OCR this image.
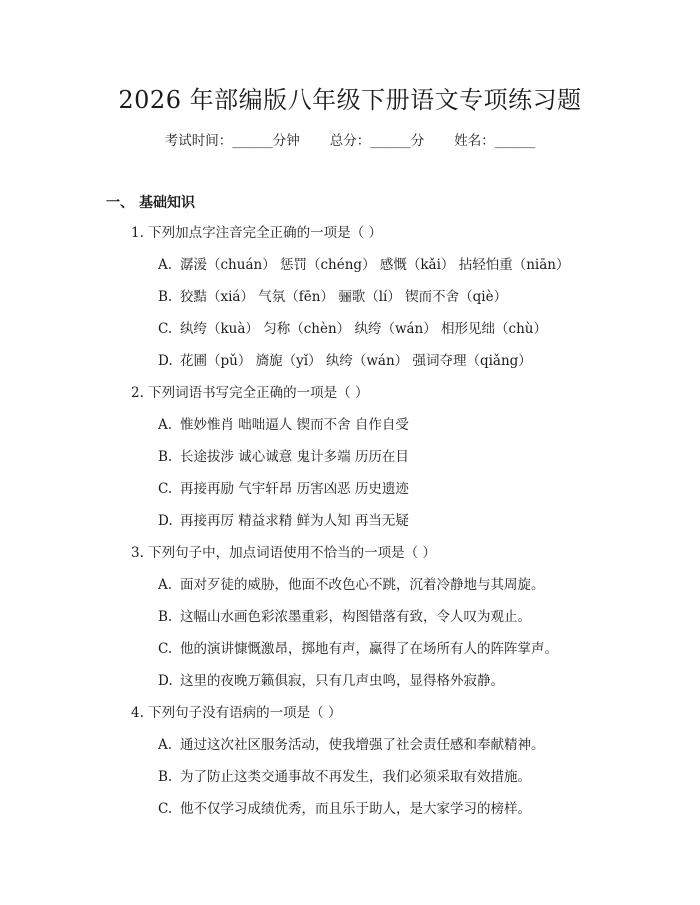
2026 年部编版八年级下册语文专项练习题
考试时间：______分钟 总分：______分 姓名：______
一、 基础知识
1. 下列加点字注音完全正确的一项是（ ）
A. 潺湲（chuán） 惩罚（chéng） 感慨（kǎi） 拈轻怕重（niān）
B. 狡黠（xiá） 气氛（fēn） 骊歌（lí） 锲而不舍（qiè）
C. 纨绔（kuà） 匀称（chèn） 纨绔（wán） 相形见绌（chù）
D. 花圃（pǔ） 旖旎（yǐ） 纨绔（wán） 强词夺理（qiǎng）
2. 下列词语书写完全正确的一项是（ ）
A. 惟妙惟肖 咄咄逼人 锲而不舍 自作自受
B. 长途拔涉 诚心诚意 鬼计多端 历历在目
C. 再接再励 气宇轩昂 历害凶恶 历史遗迹
D. 再接再厉 精益求精 鲜为人知 再当无疑
3. 下列句子中，加点词语使用不恰当的一项是（ ）
A. 面对歹徒的威胁，他面不改色心不跳，沉着冷静地与其周旋。
B. 这幅山水画色彩浓墨重彩，构图错落有致，令人叹为观止。
C. 他的演讲慷慨激昂，掷地有声，赢得了在场所有人的阵阵掌声。
D. 这里的夜晚万籁俱寂，只有几声虫鸣，显得格外寂静。
4. 下列句子没有语病的一项是（ ）
A. 通过这次社区服务活动，使我增强了社会责任感和奉献精神。
B. 为了防止这类交通事故不再发生，我们必须采取有效措施。
C. 他不仅学习成绩优秀，而且乐于助人，是大家学习的榜样。
